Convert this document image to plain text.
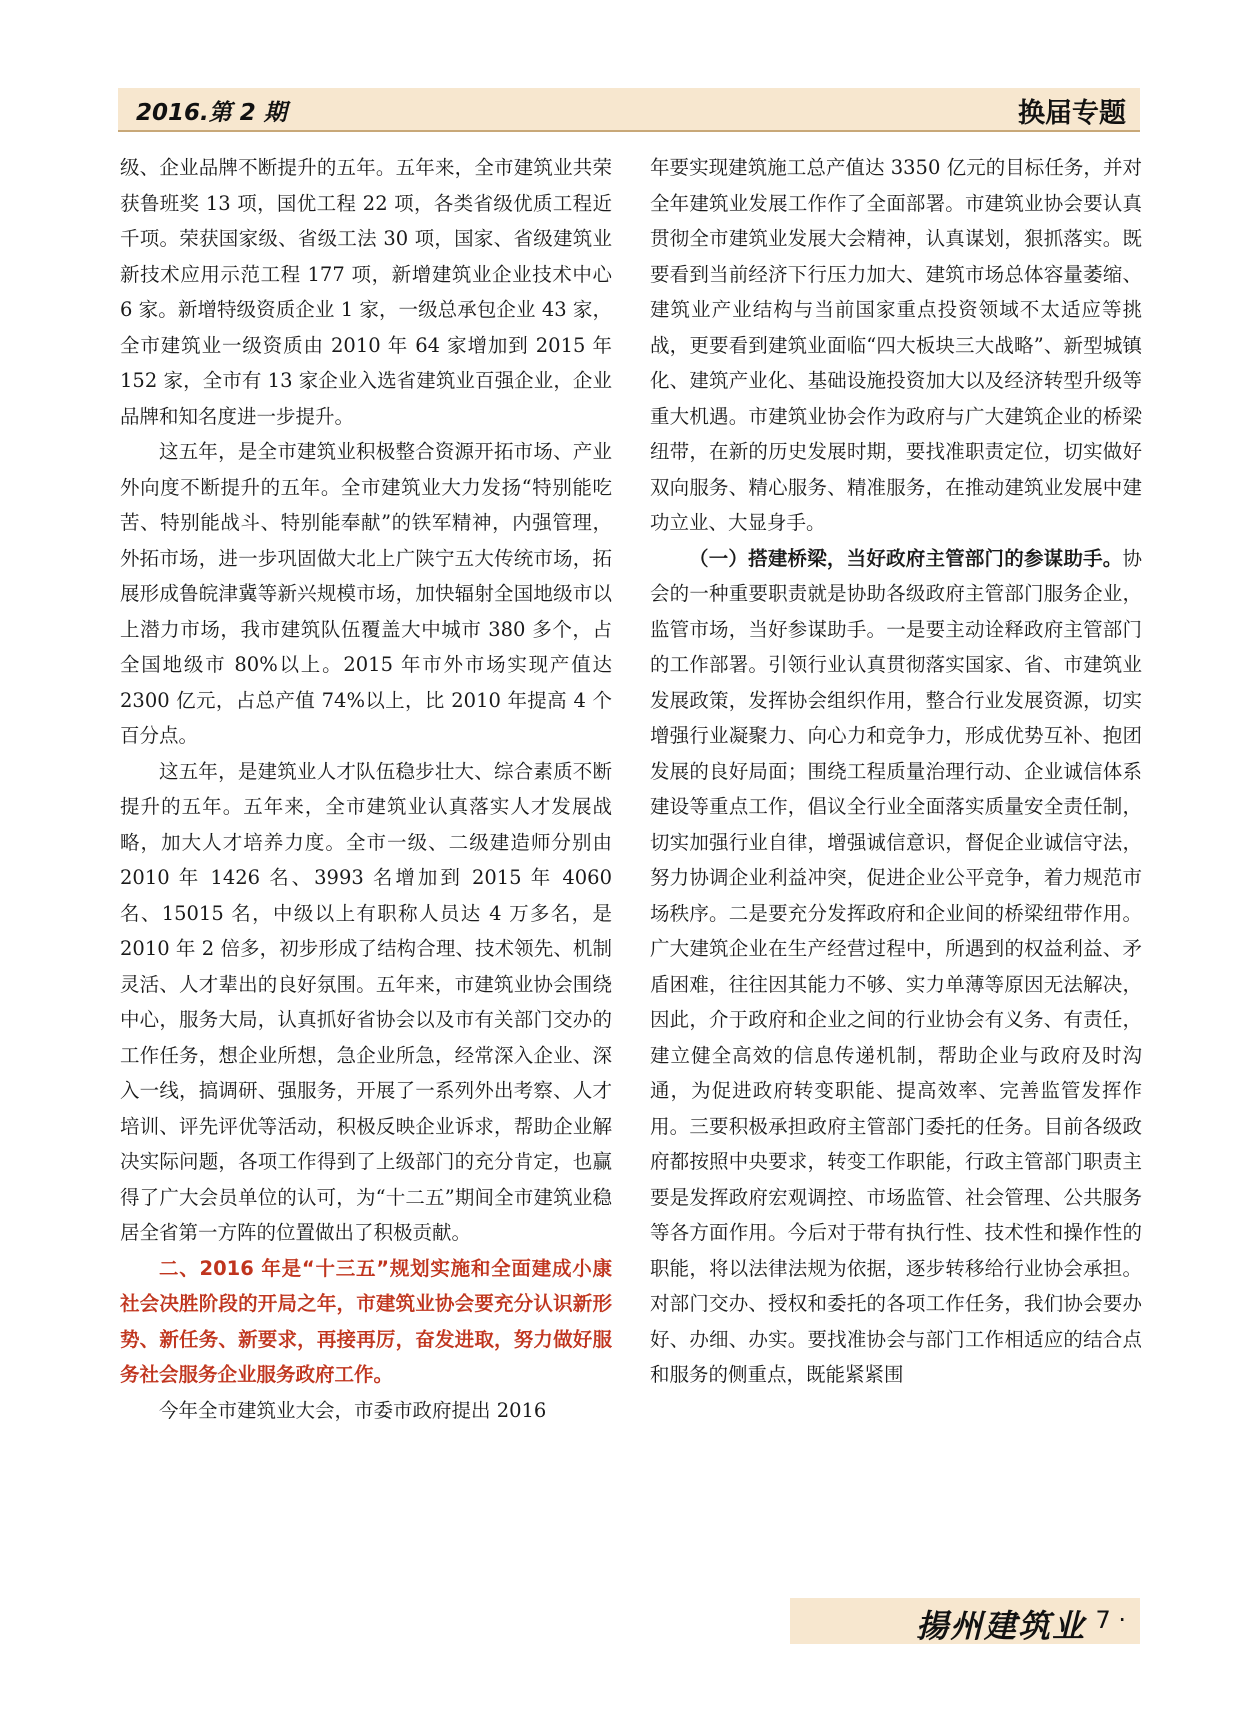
2016.第 2 期	换届专题

级、企业品牌不断提升的五年。五年来，全市建筑业共荣获鲁班奖 13 项，国优工程 22 项，各类省级优质工程近千项。荣获国家级、省级工法 30 项，国家、省级建筑业新技术应用示范工程 177 项，新增建筑业企业技术中心 6 家。新增特级资质企业 1 家，一级总承包企业 43 家，全市建筑业一级资质由 2010 年 64 家增加到 2015 年 152 家，全市有 13 家企业入选省建筑业百强企业，企业品牌和知名度进一步提升。

这五年，是全市建筑业积极整合资源开拓市场、产业外向度不断提升的五年。全市建筑业大力发扬“特别能吃苦、特别能战斗、特别能奉献”的铁军精神，内强管理，外拓市场，进一步巩固做大北上广陕宁五大传统市场，拓展形成鲁皖津冀等新兴规模市场，加快辐射全国地级市以上潜力市场，我市建筑队伍覆盖大中城市 380 多个，占全国地级市 80%以上。2015 年市外市场实现产值达 2300 亿元，占总产值 74%以上，比 2010 年提高 4 个百分点。

这五年，是建筑业人才队伍稳步壮大、综合素质不断提升的五年。五年来，全市建筑业认真落实人才发展战略，加大人才培养力度。全市一级、二级建造师分别由 2010 年 1426 名、3993 名增加到 2015 年 4060 名、15015 名，中级以上有职称人员达 4 万多名，是 2010 年 2 倍多，初步形成了结构合理、技术领先、机制灵活、人才辈出的良好氛围。五年来，市建筑业协会围绕中心，服务大局，认真抓好省协会以及市有关部门交办的工作任务，想企业所想，急企业所急，经常深入企业、深入一线，搞调研、强服务，开展了一系列外出考察、人才培训、评先评优等活动，积极反映企业诉求，帮助企业解决实际问题，各项工作得到了上级部门的充分肯定，也赢得了广大会员单位的认可，为“十二五”期间全市建筑业稳居全省第一方阵的位置做出了积极贡献。

二、2016 年是“十三五”规划实施和全面建成小康社会决胜阶段的开局之年，市建筑业协会要充分认识新形势、新任务、新要求，再接再厉，奋发进取，努力做好服务社会服务企业服务政府工作。

今年全市建筑业大会，市委市政府提出 2016

年要实现建筑施工总产值达 3350 亿元的目标任务，并对全年建筑业发展工作作了全面部署。市建筑业协会要认真贯彻全市建筑业发展大会精神，认真谋划，狠抓落实。既要看到当前经济下行压力加大、建筑市场总体容量萎缩、建筑业产业结构与当前国家重点投资领域不太适应等挑战，更要看到建筑业面临“四大板块三大战略”、新型城镇化、建筑产业化、基础设施投资加大以及经济转型升级等重大机遇。市建筑业协会作为政府与广大建筑企业的桥梁纽带，在新的历史发展时期，要找准职责定位，切实做好双向服务、精心服务、精准服务，在推动建筑业发展中建功立业、大显身手。

（一）搭建桥梁，当好政府主管部门的参谋助手。协会的一种重要职责就是协助各级政府主管部门服务企业，监管市场，当好参谋助手。一是要主动诠释政府主管部门的工作部署。引领行业认真贯彻落实国家、省、市建筑业发展政策，发挥协会组织作用，整合行业发展资源，切实增强行业凝聚力、向心力和竞争力，形成优势互补、抱团发展的良好局面；围绕工程质量治理行动、企业诚信体系建设等重点工作，倡议全行业全面落实质量安全责任制，切实加强行业自律，增强诚信意识，督促企业诚信守法，努力协调企业利益冲突，促进企业公平竞争，着力规范市场秩序。二是要充分发挥政府和企业间的桥梁纽带作用。广大建筑企业在生产经营过程中，所遇到的权益利益、矛盾困难，往往因其能力不够、实力单薄等原因无法解决，因此，介于政府和企业之间的行业协会有义务、有责任，建立健全高效的信息传递机制，帮助企业与政府及时沟通，为促进政府转变职能、提高效率、完善监管发挥作用。三要积极承担政府主管部门委托的任务。目前各级政府都按照中央要求，转变工作职能，行政主管部门职责主要是发挥政府宏观调控、市场监管、社会管理、公共服务等各方面作用。今后对于带有执行性、技术性和操作性的职能，将以法律法规为依据，逐步转移给行业协会承担。对部门交办、授权和委托的各项工作任务，我们协会要办好、办细、办实。要找准协会与部门工作相适应的结合点和服务的侧重点，既能紧紧围

揚州建筑业
· 7 ·
